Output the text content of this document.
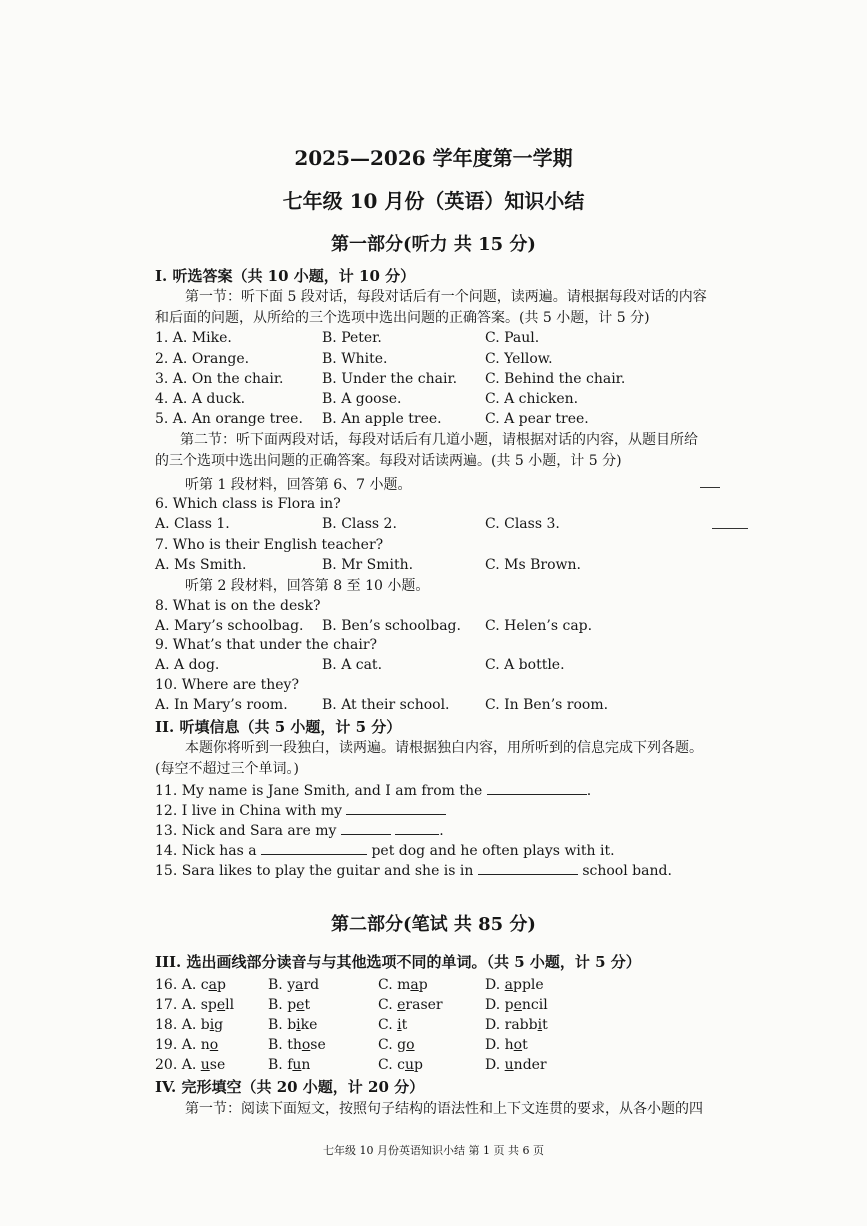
2025—2026 学年度第一学期
七年级 10 月份（英语）知识小结
第一部分(听力 共 15 分)
I. 听选答案（共 10 小题，计 10 分）
第一节：听下面 5 段对话，每段对话后有一个问题，读两遍。请根据每段对话的内容
和后面的问题，从所给的三个选项中选出问题的正确答案。(共 5 小题，计 5 分)
1. A. Mike.	B. Peter.	C. Paul.
2. A. Orange.	B. White.	C. Yellow.
3. A. On the chair.	B. Under the chair. C. Behind the chair.
4. A. A duck.	B. A goose.	C. A chicken.
5. A. An orange tree. B. An apple tree.	C. A pear tree.
第二节：听下面两段对话，每段对话后有几道小题，请根据对话的内容，从题目所给
的三个选项中选出问题的正确答案。每段对话读两遍。(共 5 小题，计 5 分)
听第 1 段材料，回答第 6、7 小题。
6. Which class is Flora in?
A. Class 1.	B. Class 2.	C. Class 3.
7. Who is their English teacher?
A. Ms Smith.	B. Mr Smith.	C. Ms Brown.
听第 2 段材料，回答第 8 至 10 小题。
8. What is on the desk?
A. Mary’s schoolbag. B. Ben’s schoolbag. C. Helen’s cap.
9. What’s that under the chair?
A. A dog.	B. A cat.	C. A bottle.
10. Where are they?
A. In Mary’s room. B. At their school.	C. In Ben’s room.
II. 听填信息（共 5 小题，计 5 分）
本题你将听到一段独白，读两遍。请根据独白内容，用所听到的信息完成下列各题。
(每空不超过三个单词。)
11. My name is Jane Smith, and I am from the	.
12. I live in China with my
13. Nick and Sara are my	.
14. Nick has a	pet dog and he often plays with it.
15. Sara likes to play the guitar and she is in	school band.
第二部分(笔试 共 85 分)
III. 选出画线部分读音与与其他选项不同的单词。（共 5 小题，计 5 分）
16. A. cap	B. yard	C. map	D. apple
17. A. spell B. pet	C. eraser	D. pencil
18. A. big	B. bike	C. it	D. rabbit
19. A. no	B. those	C. go	D. hot
20. A. use	B. fun	C. cup	D. under
IV. 完形填空（共 20 小题，计 20 分）
第一节：阅读下面短文，按照句子结构的语法性和上下文连贯的要求，从各小题的四
七年级 10 月份英语知识小结 第 1 页 共 6 页
